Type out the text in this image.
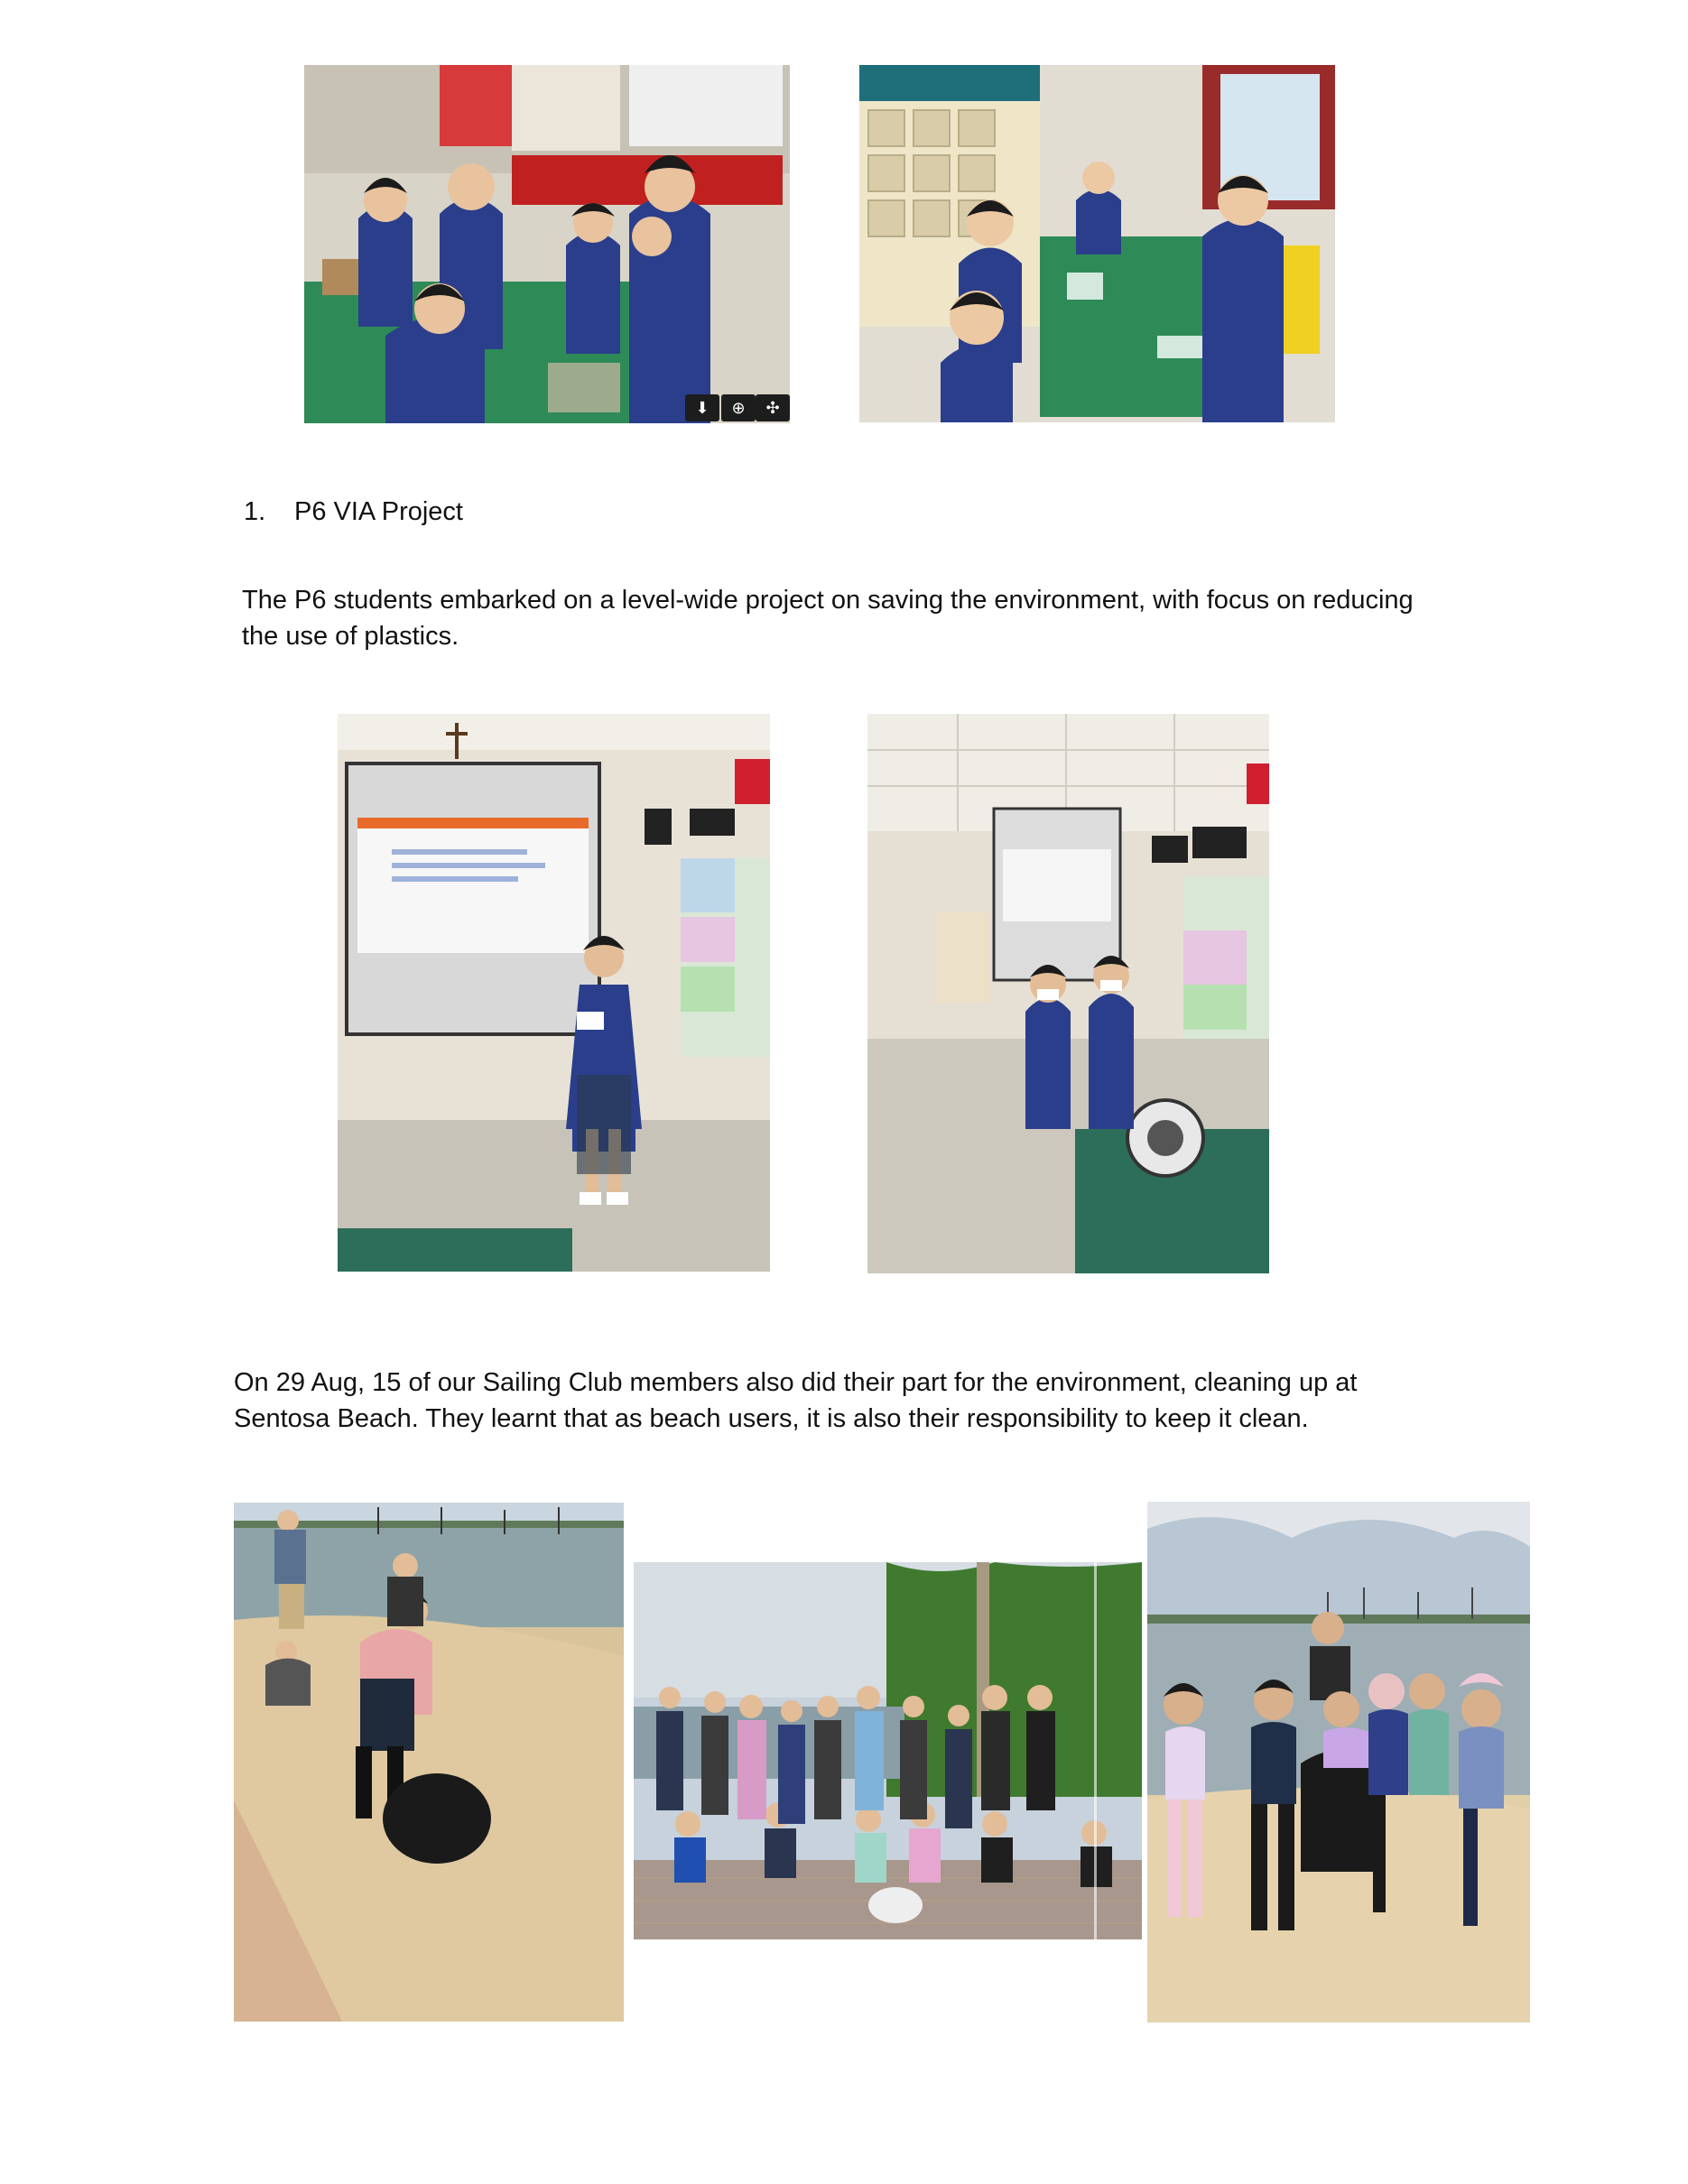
⬇	⊕	✣
1. P6 VIA Project
The P6 students embarked on a level-wide project on saving the environment, with focus on reducing the use of plastics.
On 29 Aug, 15 of our Sailing Club members also did their part for the environment, cleaning up at Sentosa Beach. They learnt that as beach users, it is also their responsibility to keep it clean.
